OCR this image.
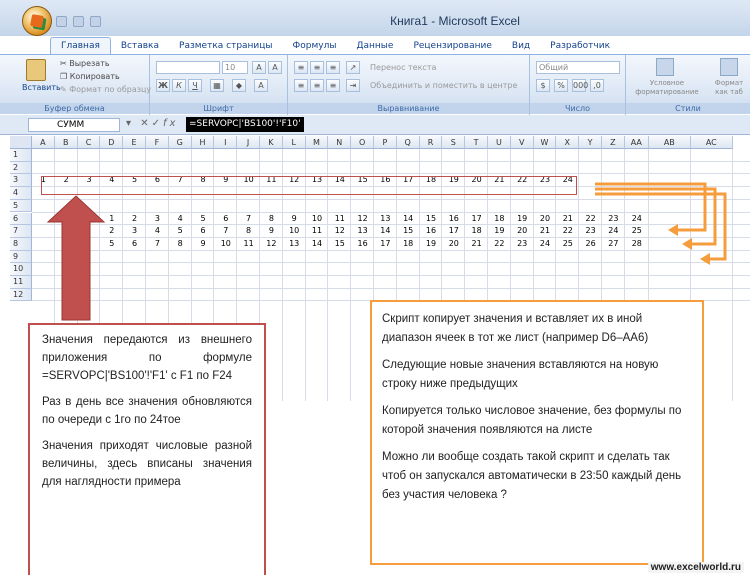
Книга1 - Microsoft Excel
Главная	Вставка	Разметка страницы	Формулы	Данные	Рецензирование	Вид	Разработчик
Вставить
✂ Вырезать
❐ Копировать
✎ Формат по образцу
Буфер обмена
10	A	A
Ж	К	Ч	▦	◆	A
Шрифт
≡	≡	≡	↗	Перенос текста
≡	≡	≡	⇥	Объединить и поместить в центре
Выравнивание
Общий
$	%	000 ,0
Число
Условное форматирование
Формат как таб
Стили
СУММ	▾ ✕✓fx	=SERVOPC|'BS100'!'F10'
A	B	C	D	E	F	G	H	I	J	K	L	M	N	O	P	Q	R	S	T	U	V	W	X	Y	Z	AA	AB	AC
1
2
3
4
5
6
7
8
9
10
11
12
1	2	3	4	5	6	7	8	9	10	11	12	13	14	15	16	17	18	19	20	21	22	23	24
1	2	3	4	5	6	7	8	9	10	11	12	13	14	15	16	17	18	19	20	21	22	23	24
2	3	4	5	6	7	8	9	10	11	12	13	14	15	16	17	18	19	20	21	22	23	24	25
5	6	7	8	9	10	11	12	13	14	15	16	17	18	19	20	21	22	23	24	25	26	27	28

Значения передаются из внешнего приложения по формуле =SERVOPC|'BS100'!'F1' с F1 по F24

Раз в день все значения обновляются по очереди с 1го по 24тое

Значения приходят числовые разной величины, здесь вписаны значения для наглядности примера

Скрипт копирует значения и вставляет их в иной диапазон ячеек в тот же лист (например D6–AA6)

Следующие новые значения вставляются на новую строку ниже предыдущих

Копируется только числовое значение, без формулы по которой значения появляются на листе

Можно ли вообще создать такой скрипт и сделать так чтоб он запускался автоматически в 23:50 каждый день без участия человека ?

www.excelworld.ru
